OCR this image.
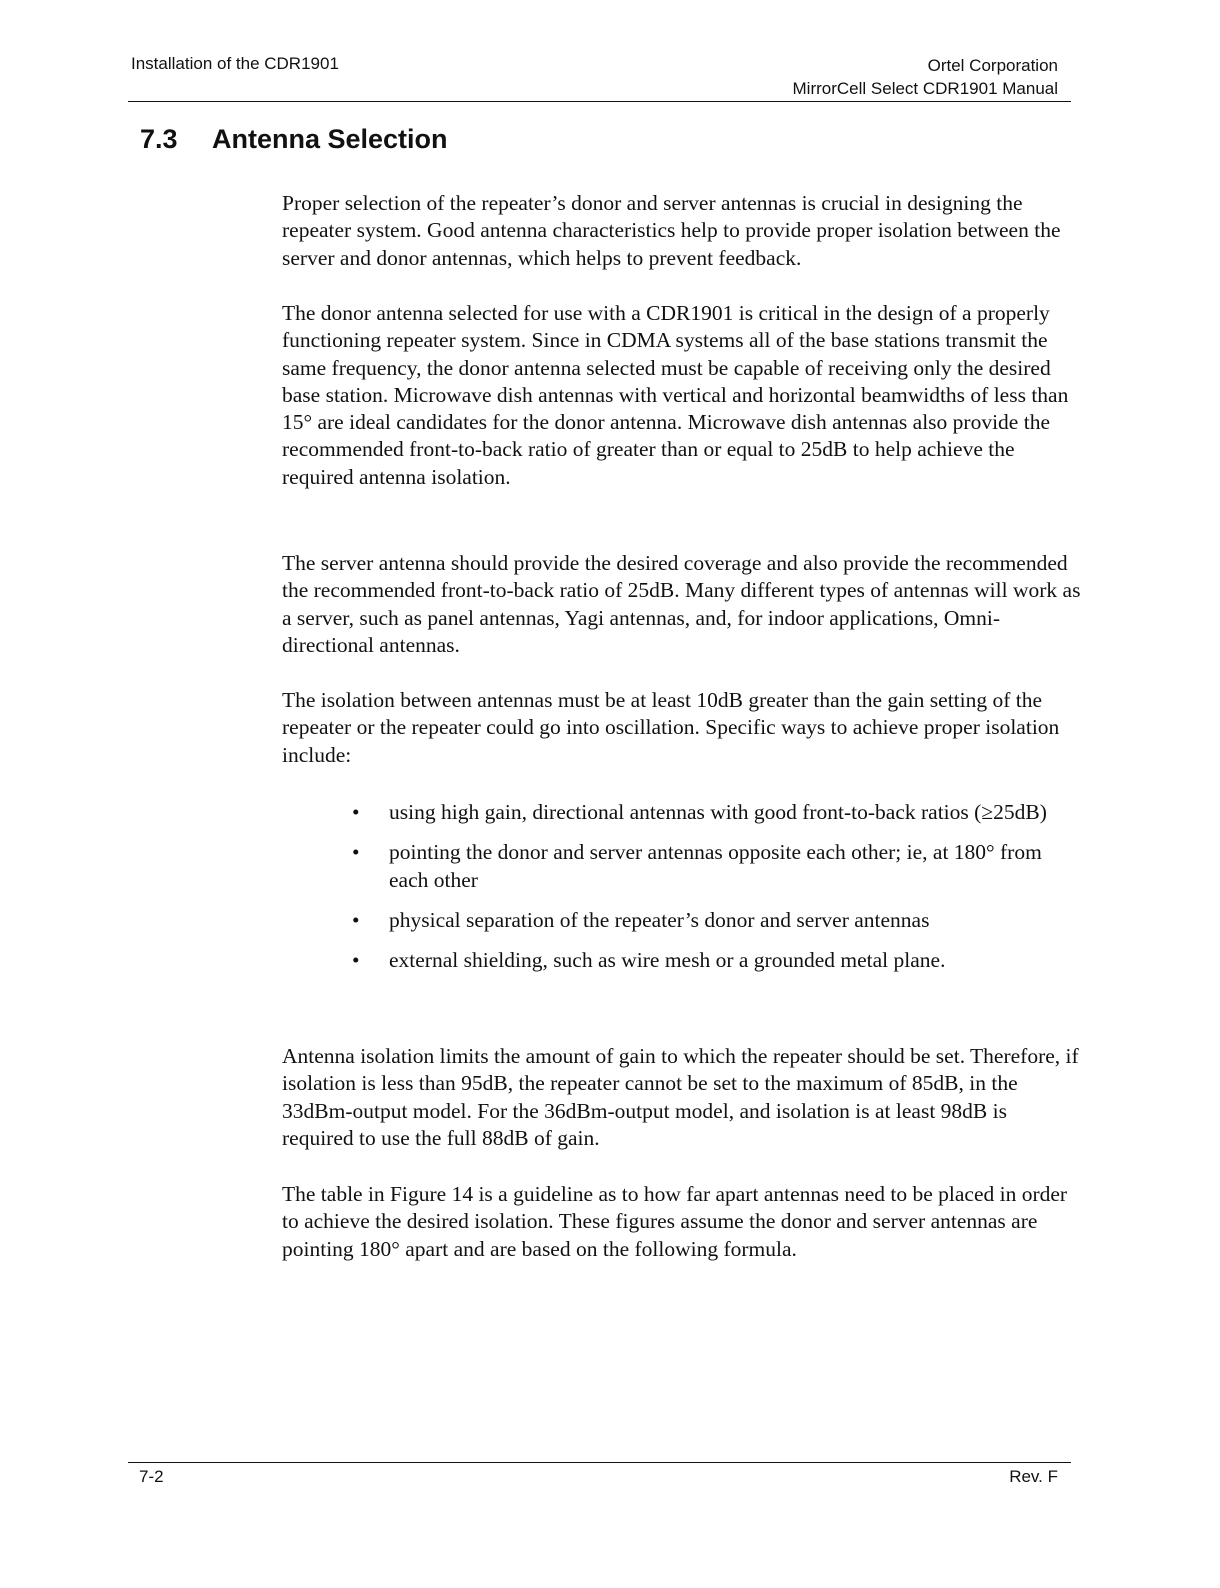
Installation of the CDR1901	Ortel Corporation
MirrorCell Select CDR1901 Manual
7.3 Antenna Selection

Proper selection of the repeater’s donor and server antennas is crucial in designing the repeater system. Good antenna characteristics help to provide proper isolation between the server and donor antennas, which helps to prevent feedback.

The donor antenna selected for use with a CDR1901 is critical in the design of a properly functioning repeater system. Since in CDMA systems all of the base stations transmit the same frequency, the donor antenna selected must be capable of receiving only the desired base station. Microwave dish antennas with vertical and horizontal beamwidths of less than 15° are ideal candidates for the donor antenna. Microwave dish antennas also provide the recommended front-to-back ratio of greater than or equal to 25dB to help achieve the required antenna isolation.

The server antenna should provide the desired coverage and also provide the recommended the recommended front-to-back ratio of 25dB. Many different types of antennas will work as a server, such as panel antennas, Yagi antennas, and, for indoor applications, Omni-directional antennas.

The isolation between antennas must be at least 10dB greater than the gain setting of the repeater or the repeater could go into oscillation. Specific ways to achieve proper isolation include:

• using high gain, directional antennas with good front-to-back ratios (≥25dB)
• pointing the donor and server antennas opposite each other; ie, at 180° from each other
• physical separation of the repeater’s donor and server antennas
• external shielding, such as wire mesh or a grounded metal plane.

Antenna isolation limits the amount of gain to which the repeater should be set. Therefore, if isolation is less than 95dB, the repeater cannot be set to the maximum of 85dB, in the 33dBm-output model. For the 36dBm-output model, and isolation is at least 98dB is required to use the full 88dB of gain.

The table in Figure 14 is a guideline as to how far apart antennas need to be placed in order to achieve the desired isolation. These figures assume the donor and server antennas are pointing 180° apart and are based on the following formula.

7-2	Rev. F
